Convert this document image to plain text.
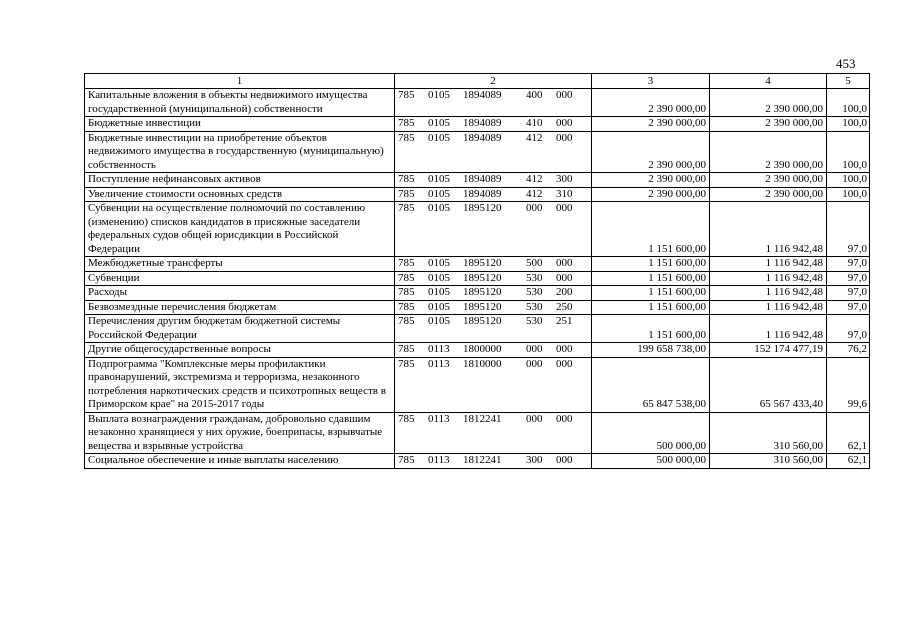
453
1	2	3	4	5
Капитальные вложения в объекты недвижимого имущества государственной (муниципальной) собственности	785 0105 1894089 400 000	2 390 000,00	2 390 000,00	100,0
Бюджетные инвестиции	785 0105 1894089 410 000	2 390 000,00	2 390 000,00	100,0
Бюджетные инвестиции на приобретение объектов недвижимого имущества в государственную (муниципальную) собственность	785 0105 1894089 412 000	2 390 000,00	2 390 000,00	100,0
Поступление нефинансовых активов	785 0105 1894089 412 300	2 390 000,00	2 390 000,00	100,0
Увеличение стоимости основных средств	785 0105 1894089 412 310	2 390 000,00	2 390 000,00	100,0
Субвенции на осуществление полномочий по составлению (изменению) списков кандидатов в присяжные заседатели федеральных судов общей юрисдикции в Российской Федерации	785 0105 1895120 000 000	1 151 600,00	1 116 942,48	97,0
Межбюджетные трансферты	785 0105 1895120 500 000	1 151 600,00	1 116 942,48	97,0
Субвенции	785 0105 1895120 530 000	1 151 600,00	1 116 942,48	97,0
Расходы	785 0105 1895120 530 200	1 151 600,00	1 116 942,48	97,0
Безвозмездные перечисления бюджетам	785 0105 1895120 530 250	1 151 600,00	1 116 942,48	97,0
Перечисления другим бюджетам бюджетной системы Российской Федерации	785 0105 1895120 530 251	1 151 600,00	1 116 942,48	97,0
Другие общегосударственные вопросы	785 0113 1800000 000 000	199 658 738,00	152 174 477,19	76,2
Подпрограмма "Комплексные меры профилактики правонарушений, экстремизма и терроризма, незаконного потребления наркотических средств и психотропных веществ в Приморском крае" на 2015-2017 годы	785 0113 1810000 000 000	65 847 538,00	65 567 433,40	99,6
Выплата вознаграждения гражданам, добровольно сдавшим незаконно хранящиеся у них оружие, боеприпасы, взрывчатые вещества и взрывные устройства	785 0113 1812241 000 000	500 000,00	310 560,00	62,1
Социальное обеспечение и иные выплаты населению	785 0113 1812241 300 000	500 000,00	310 560,00	62,1
